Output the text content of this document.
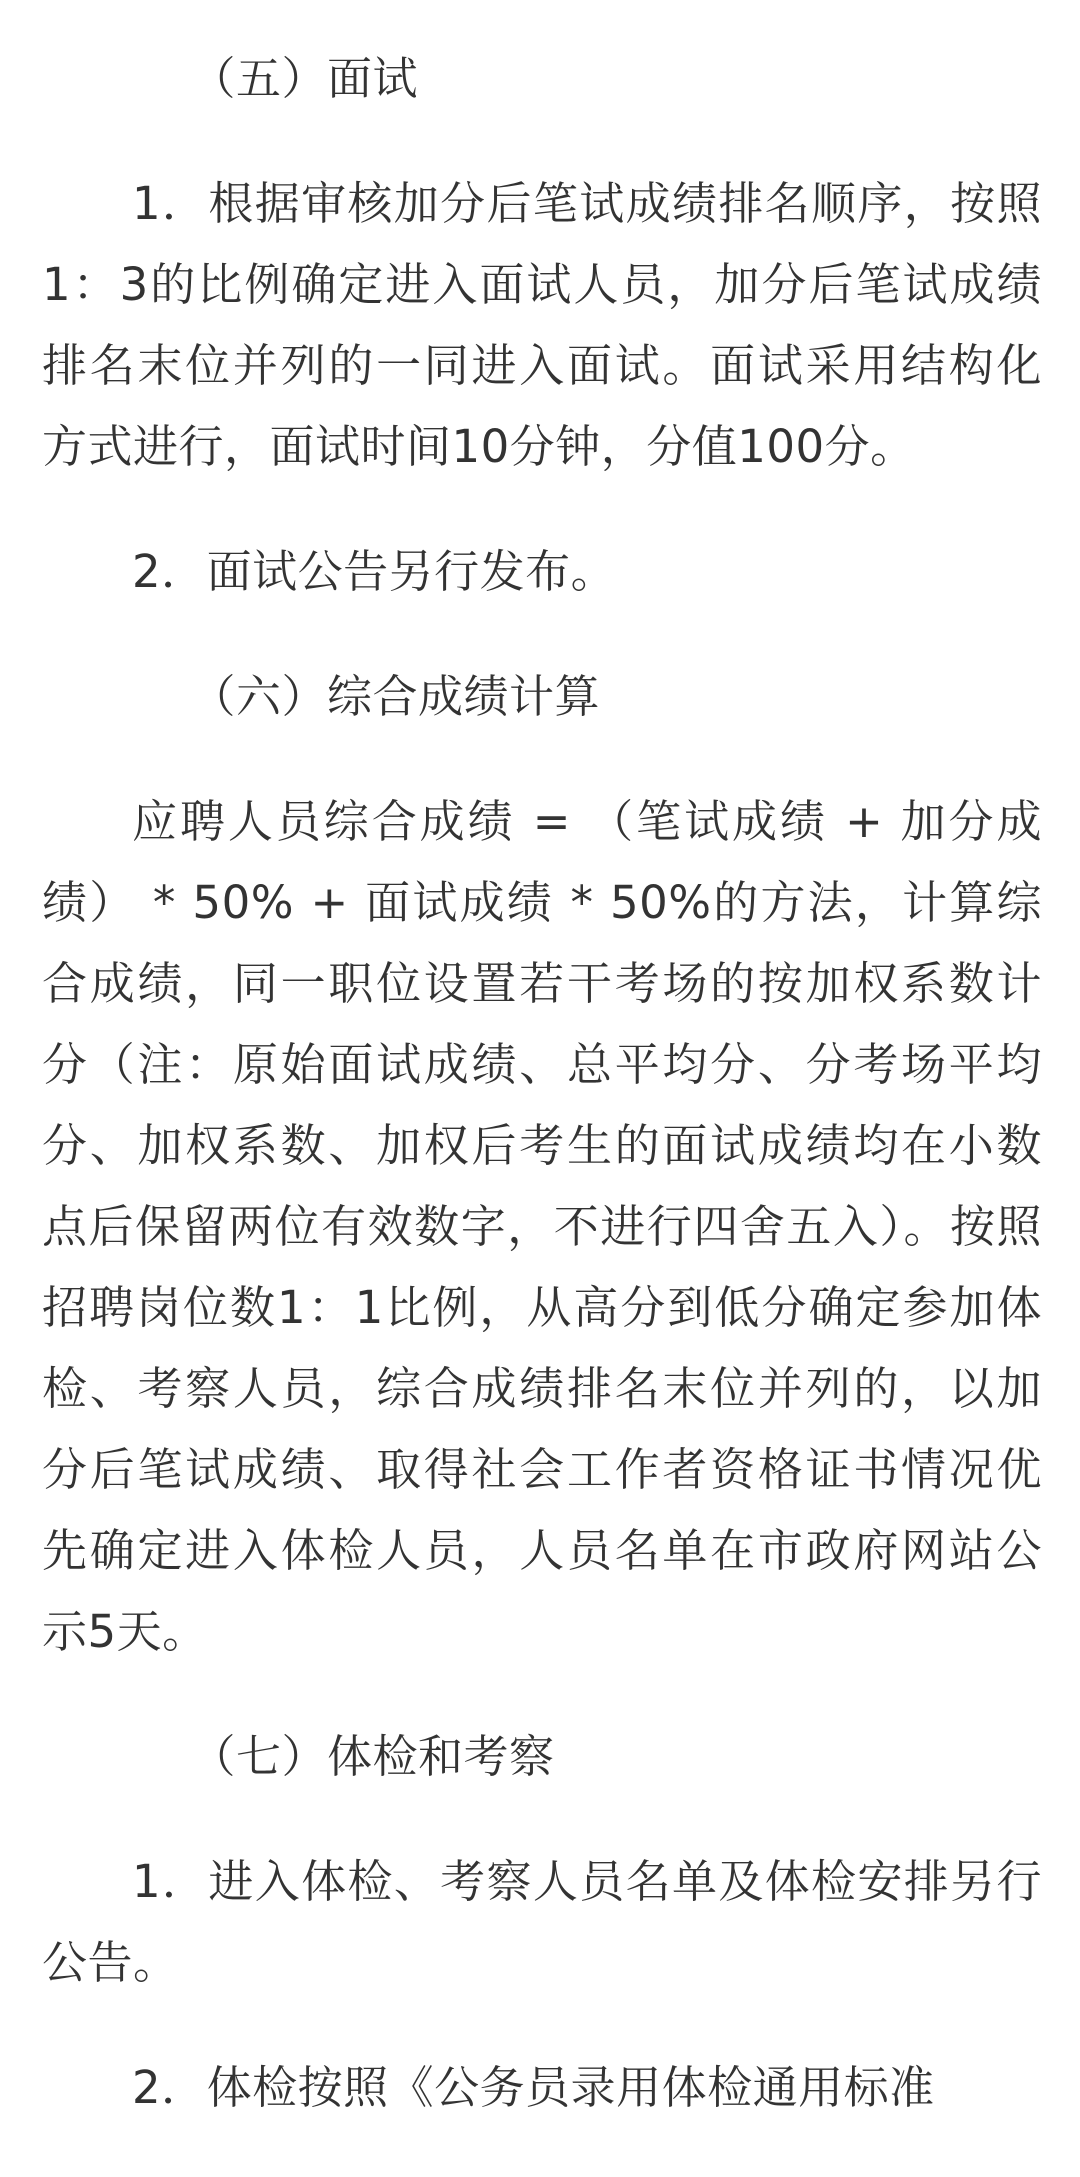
（五）面试

1．根据审核加分后笔试成绩排名顺序，按照1：3的比例确定进入面试人员，加分后笔试成绩排名末位并列的一同进入面试。面试采用结构化方式进行，面试时间10分钟，分值100分。

2．面试公告另行发布。

（六）综合成绩计算

应聘人员综合成绩 = （笔试成绩 + 加分成绩） * 50% + 面试成绩 * 50%的方法，计算综合成绩，同一职位设置若干考场的按加权系数计分（注：原始面试成绩、总平均分、分考场平均分、加权系数、加权后考生的面试成绩均在小数点后保留两位有效数字，不进行四舍五入）。按照招聘岗位数1：1比例，从高分到低分确定参加体检、考察人员，综合成绩排名末位并列的，以加分后笔试成绩、取得社会工作者资格证书情况优先确定进入体检人员，人员名单在市政府网站公示5天。

（七）体检和考察

1．进入体检、考察人员名单及体检安排另行公告。

2．体检按照《公务员录用体检通用标准
